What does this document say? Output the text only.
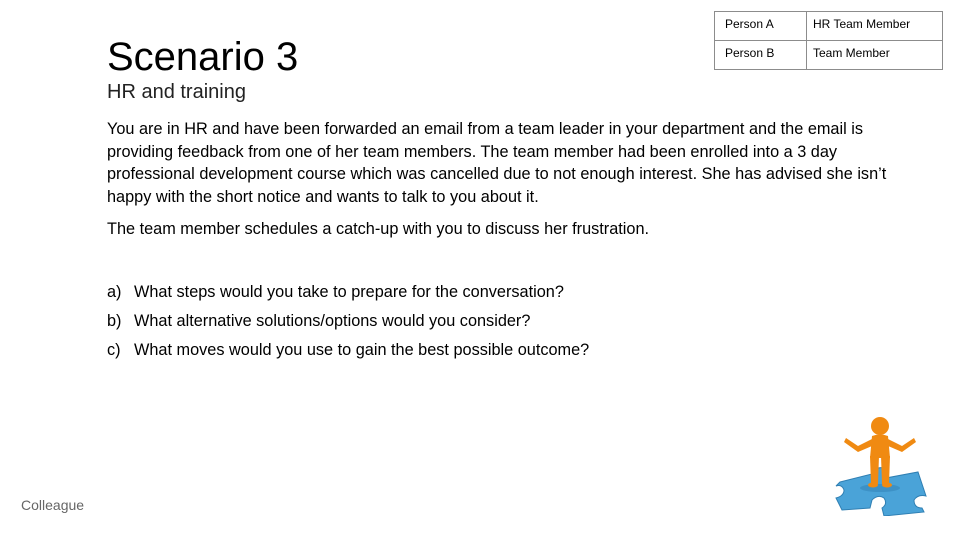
Scenario 3
HR and training
Person A	HR Team Member
Person B	Team Member

You are in HR and have been forwarded an email from a team leader in your department and the email is providing feedback from one of her team members. The team member had been enrolled into a 3 day professional development course which was cancelled due to not enough interest. She has advised she isn’t happy with the short notice and wants to talk to you about it.

The team member schedules a catch-up with you to discuss her frustration.

a) What steps would you take to prepare for the conversation?
b) What alternative solutions/options would you consider?
c) What moves would you use to gain the best possible outcome?
Colleague
